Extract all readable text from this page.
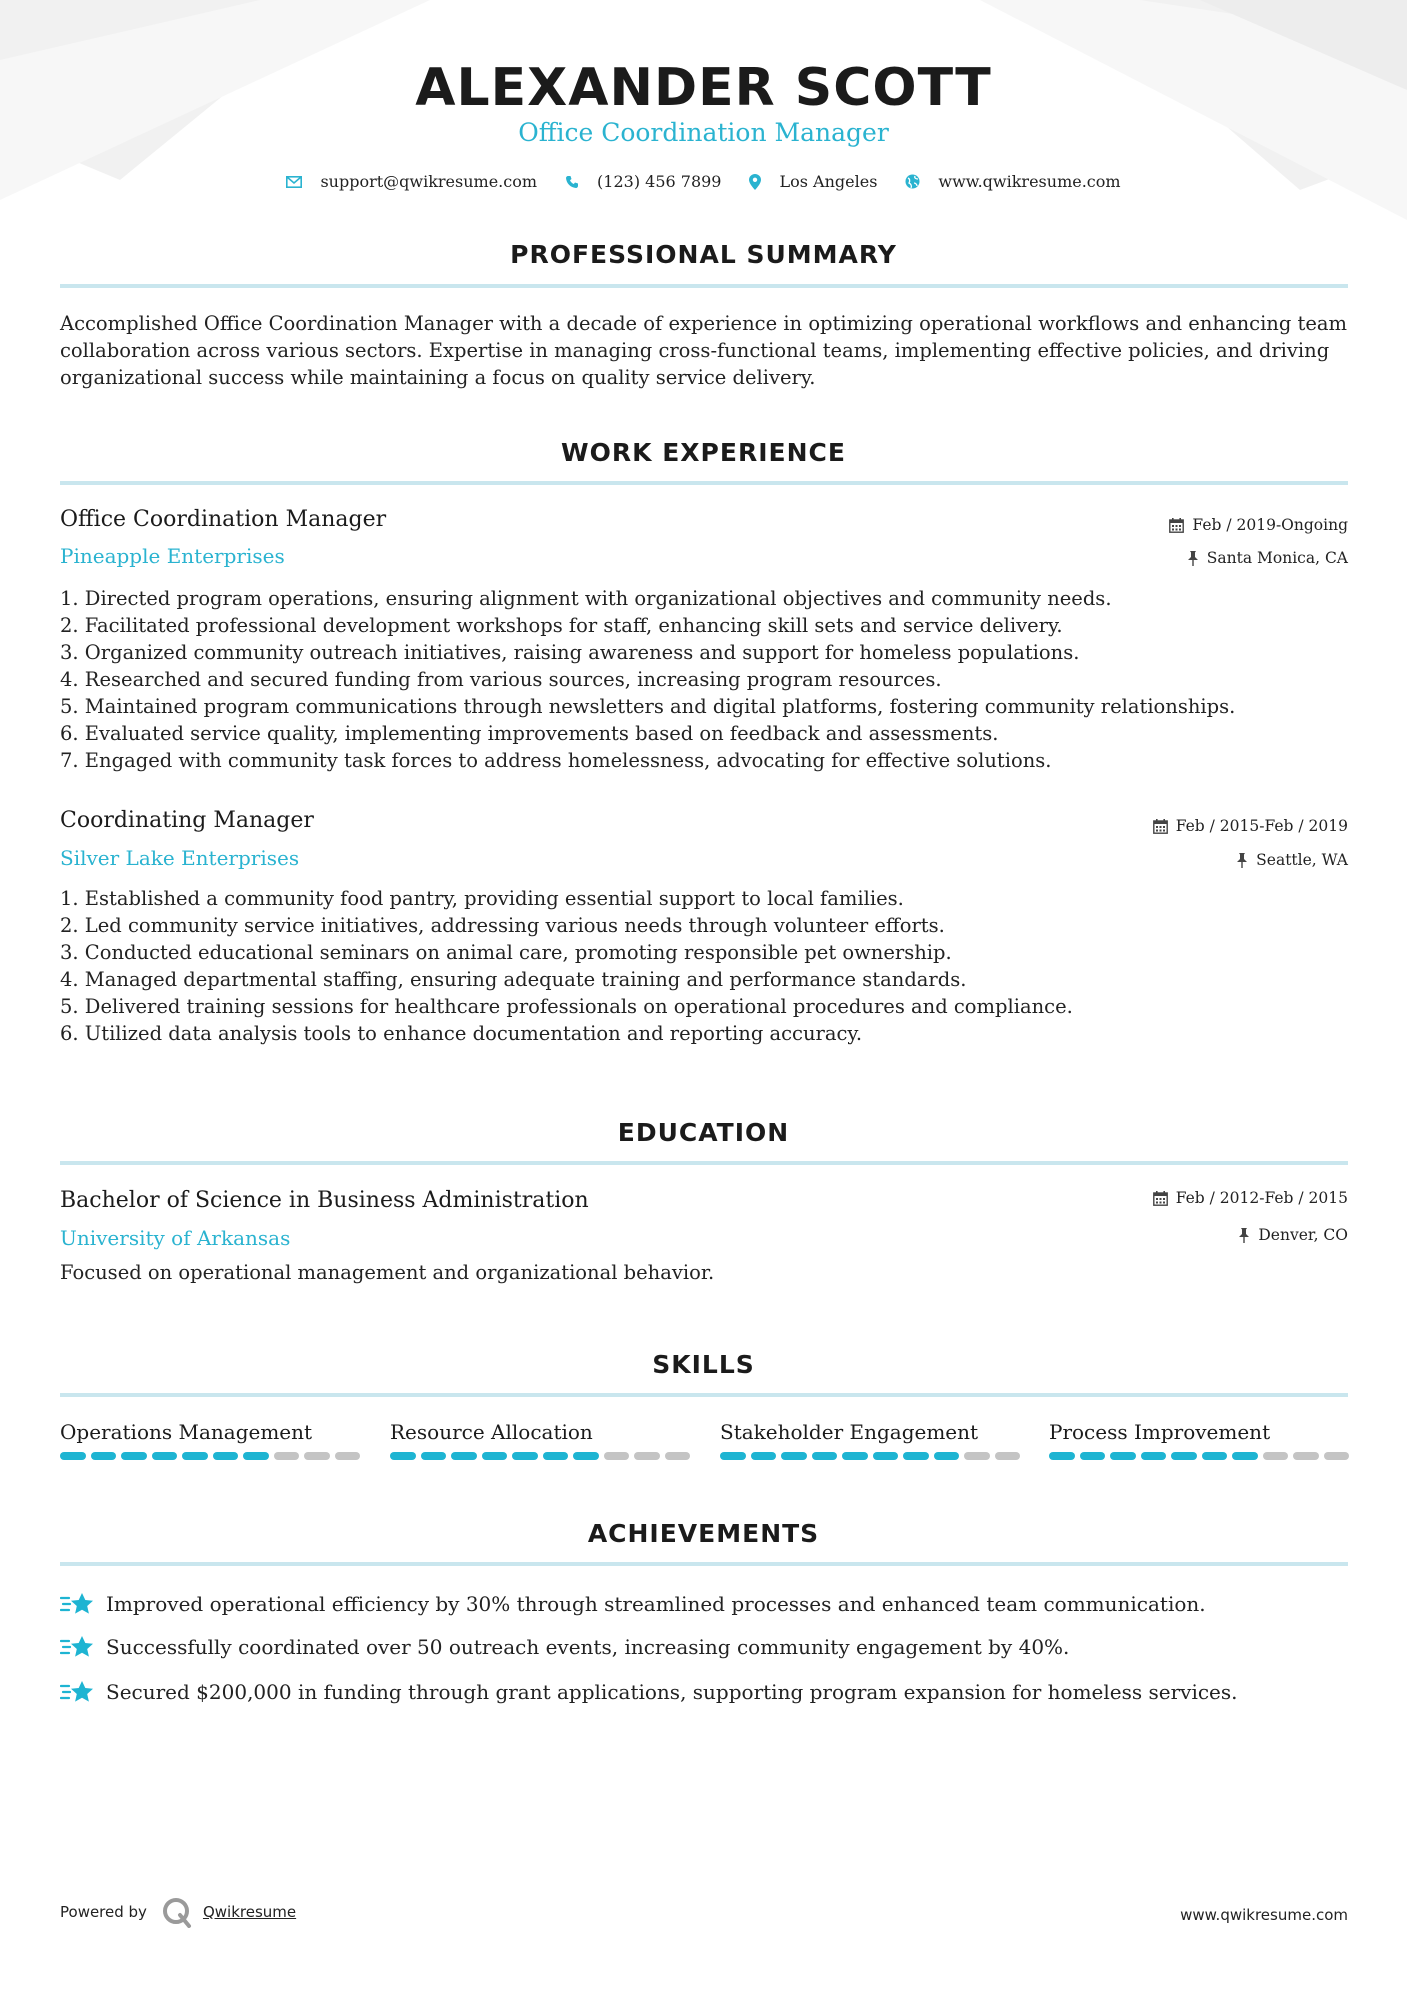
ALEXANDER SCOTT
Office Coordination Manager
support@qwikresume.com	(123) 456 7899	Los Angeles	www.qwikresume.com
PROFESSIONAL SUMMARY
Accomplished Office Coordination Manager with a decade of experience in optimizing operational workflows and enhancing team collaboration across various sectors. Expertise in managing cross-functional teams, implementing effective policies, and driving organizational success while maintaining a focus on quality service delivery.
WORK EXPERIENCE
Office Coordination Manager
Pineapple Enterprises
Feb / 2019-Ongoing
Santa Monica, CA
1. Directed program operations, ensuring alignment with organizational objectives and community needs.
2. Facilitated professional development workshops for staff, enhancing skill sets and service delivery.
3. Organized community outreach initiatives, raising awareness and support for homeless populations.
4. Researched and secured funding from various sources, increasing program resources.
5. Maintained program communications through newsletters and digital platforms, fostering community relationships.
6. Evaluated service quality, implementing improvements based on feedback and assessments.
7. Engaged with community task forces to address homelessness, advocating for effective solutions.
Coordinating Manager
Silver Lake Enterprises
Feb / 2015-Feb / 2019
Seattle, WA
1. Established a community food pantry, providing essential support to local families.
2. Led community service initiatives, addressing various needs through volunteer efforts.
3. Conducted educational seminars on animal care, promoting responsible pet ownership.
4. Managed departmental staffing, ensuring adequate training and performance standards.
5. Delivered training sessions for healthcare professionals on operational procedures and compliance.
6. Utilized data analysis tools to enhance documentation and reporting accuracy.
EDUCATION
Bachelor of Science in Business Administration
University of Arkansas
Feb / 2012-Feb / 2015
Denver, CO
Focused on operational management and organizational behavior.
SKILLS
Operations Management	Resource Allocation	Stakeholder Engagement	Process Improvement
ACHIEVEMENTS
Improved operational efficiency by 30% through streamlined processes and enhanced team communication.
Successfully coordinated over 50 outreach events, increasing community engagement by 40%.
Secured $200,000 in funding through grant applications, supporting program expansion for homeless services.
Powered by	Qwikresume	www.qwikresume.com
